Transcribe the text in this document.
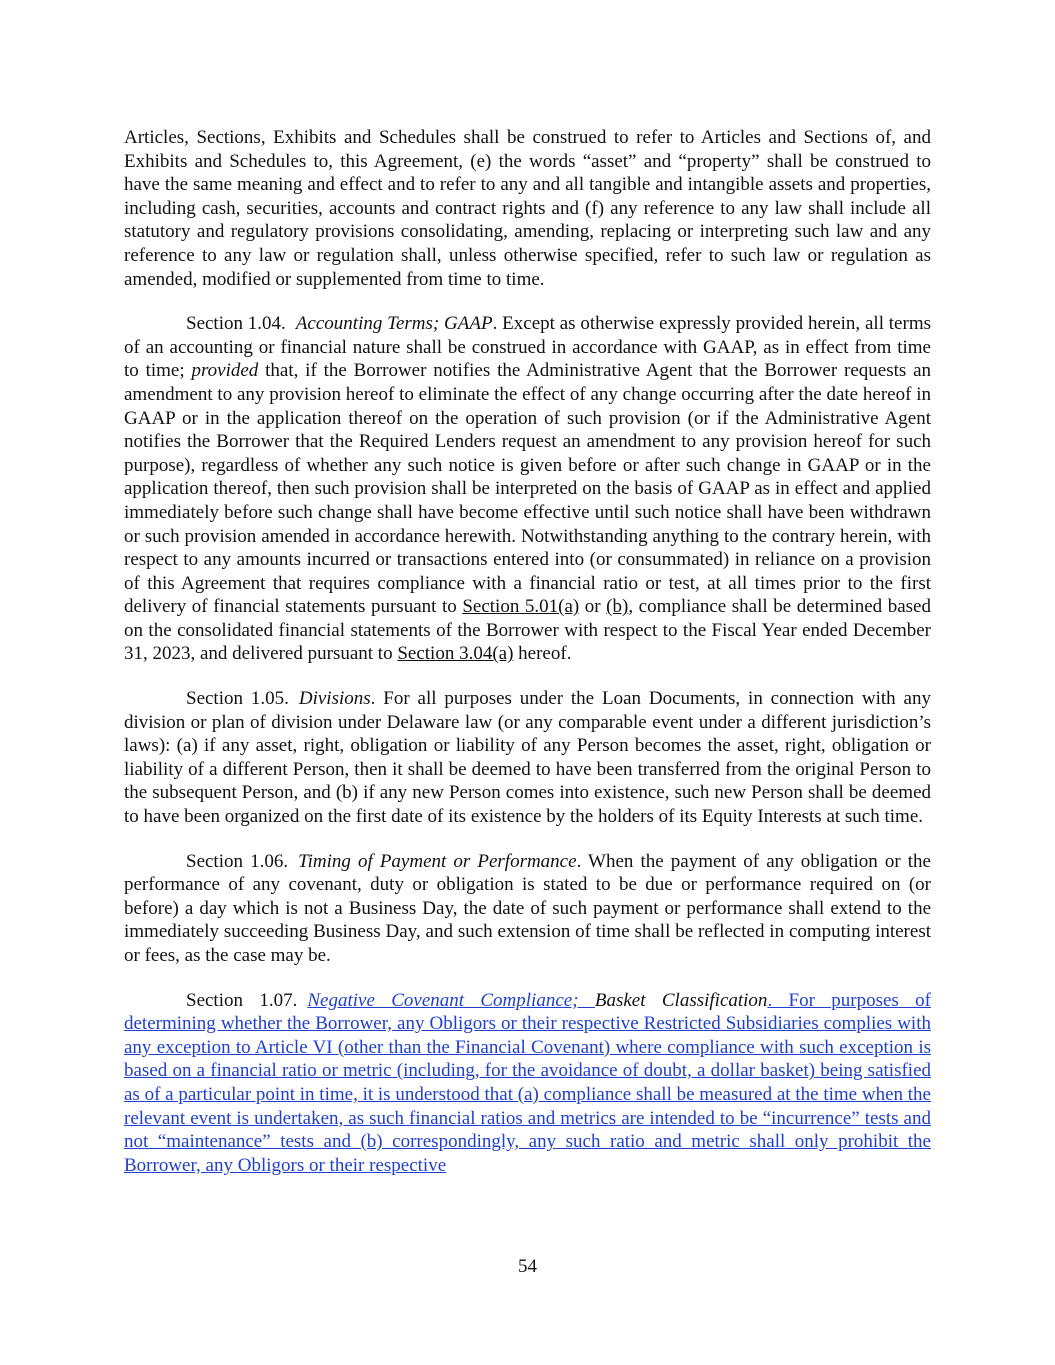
Articles, Sections, Exhibits and Schedules shall be construed to refer to Articles and Sections of, and Exhibits and Schedules to, this Agreement, (e) the words “asset” and “property” shall be construed to have the same meaning and effect and to refer to any and all tangible and intangible assets and properties, including cash, securities, accounts and contract rights and (f) any reference to any law shall include all statutory and regulatory provisions consolidating, amending, replacing or interpreting such law and any reference to any law or regulation shall, unless otherwise specified, refer to such law or regulation as amended, modified or supplemented from time to time.

Section 1.04. Accounting Terms; GAAP. Except as otherwise expressly provided herein, all terms of an accounting or financial nature shall be construed in accordance with GAAP, as in effect from time to time; provided that, if the Borrower notifies the Administrative Agent that the Borrower requests an amendment to any provision hereof to eliminate the effect of any change occurring after the date hereof in GAAP or in the application thereof on the operation of such provision (or if the Administrative Agent notifies the Borrower that the Required Lenders request an amendment to any provision hereof for such purpose), regardless of whether any such notice is given before or after such change in GAAP or in the application thereof, then such provision shall be interpreted on the basis of GAAP as in effect and applied immediately before such change shall have become effective until such notice shall have been withdrawn or such provision amended in accordance herewith. Notwithstanding anything to the contrary herein, with respect to any amounts incurred or transactions entered into (or consummated) in reliance on a provision of this Agreement that requires compliance with a financial ratio or test, at all times prior to the first delivery of financial statements pursuant to Section 5.01(a) or (b), compliance shall be determined based on the consolidated financial statements of the Borrower with respect to the Fiscal Year ended December 31, 2023, and delivered pursuant to Section 3.04(a) hereof.

Section 1.05. Divisions. For all purposes under the Loan Documents, in connection with any division or plan of division under Delaware law (or any comparable event under a different jurisdiction’s laws): (a) if any asset, right, obligation or liability of any Person becomes the asset, right, obligation or liability of a different Person, then it shall be deemed to have been transferred from the original Person to the subsequent Person, and (b) if any new Person comes into existence, such new Person shall be deemed to have been organized on the first date of its existence by the holders of its Equity Interests at such time.

Section 1.06. Timing of Payment or Performance. When the payment of any obligation or the performance of any covenant, duty or obligation is stated to be due or performance required on (or before) a day which is not a Business Day, the date of such payment or performance shall extend to the immediately succeeding Business Day, and such extension of time shall be reflected in computing interest or fees, as the case may be.

Section 1.07. Negative Covenant Compliance; Basket Classification. For purposes of determining whether the Borrower, any Obligors or their respective Restricted Subsidiaries complies with any exception to Article VI (other than the Financial Covenant) where compliance with such exception is based on a financial ratio or metric (including, for the avoidance of doubt, a dollar basket) being satisfied as of a particular point in time, it is understood that (a) compliance shall be measured at the time when the relevant event is undertaken, as such financial ratios and metrics are intended to be “incurrence” tests and not “maintenance” tests and (b) correspondingly, any such ratio and metric shall only prohibit the Borrower, any Obligors or their respective

54
